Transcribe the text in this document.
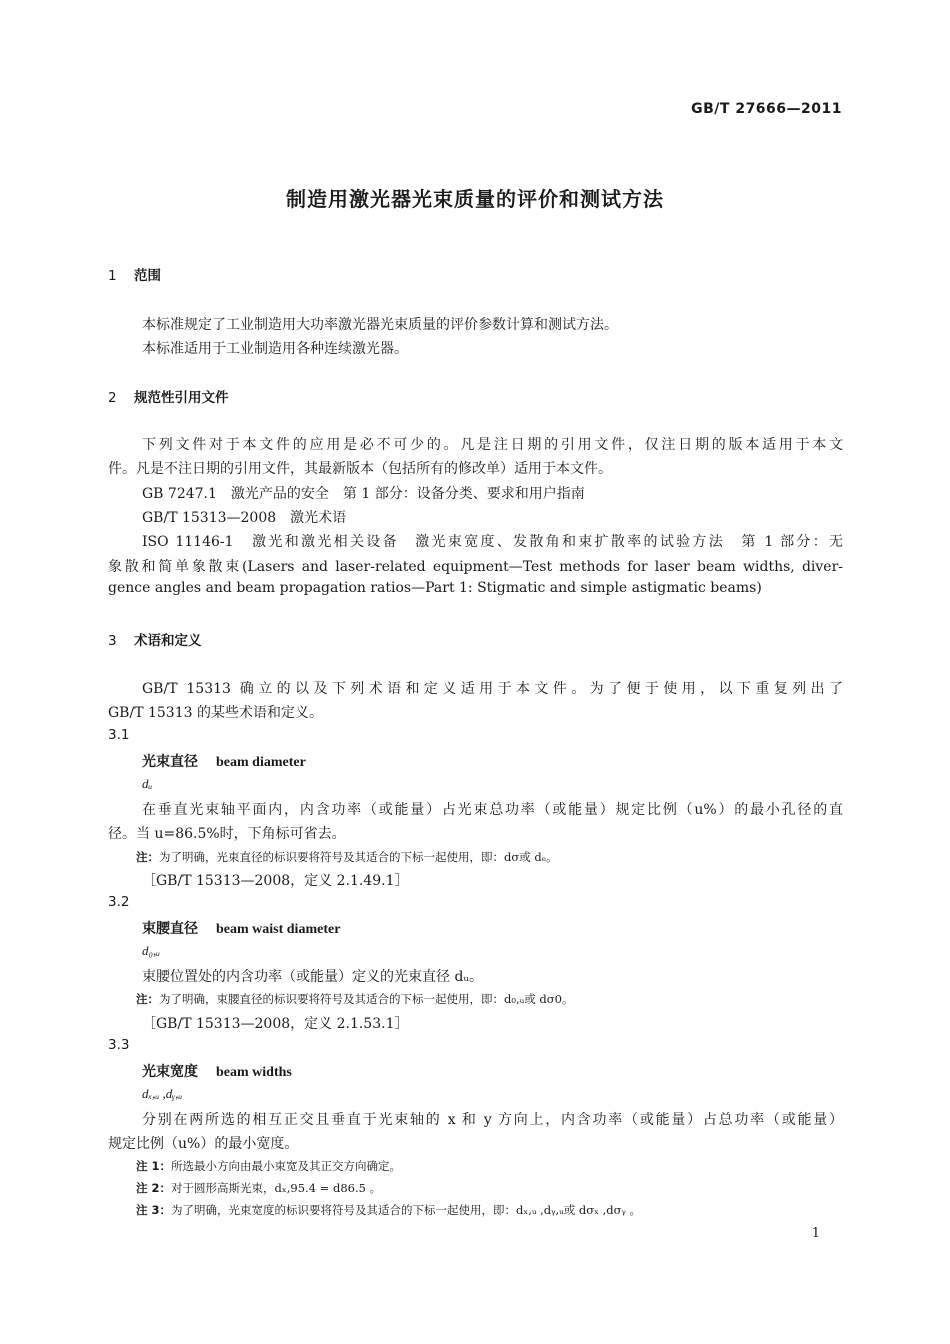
GB/T 27666—2011
制造用激光器光束质量的评价和测试方法
1 范围
本标准规定了工业制造用大功率激光器光束质量的评价参数计算和测试方法。
本标准适用于工业制造用各种连续激光器。
2 规范性引用文件
下列文件对于本文件的应用是必不可少的。凡是注日期的引用文件，仅注日期的版本适用于本文
件。凡是不注日期的引用文件，其最新版本（包括所有的修改单）适用于本文件。
GB 7247.1　激光产品的安全　第 1 部分：设备分类、要求和用户指南
GB/T 15313—2008　激光术语
ISO 11146-1　激光和激光相关设备　激光束宽度、发散角和束扩散率的试验方法　第 1 部分：无
象散和简单象散束(Lasers and laser-related equipment—Test methods for laser beam widths, diver-
gence angles and beam propagation ratios—Part 1: Stigmatic and simple astigmatic beams)
3 术语和定义
GB/T 15313 确立的以及下列术语和定义适用于本文件。为了便于使用，以下重复列出了
GB/T 15313 的某些术语和定义。
3.1
光束直径 beam diameter
dᵤ
在垂直光束轴平面内，内含功率（或能量）占光束总功率（或能量）规定比例（u%）的最小孔径的直
径。当 u=86.5%时，下角标可省去。
注：为了明确，光束直径的标识要将符号及其适合的下标一起使用，即：dσ或 dₑ。
［GB/T 15313—2008，定义 2.1.49.1］
3.2
束腰直径 beam waist diameter
d₀,ᵤ
束腰位置处的内含功率（或能量）定义的光束直径 dᵤ。
注：为了明确，束腰直径的标识要将符号及其适合的下标一起使用，即：d₀,ᵤ或 dσ0。
［GB/T 15313—2008，定义 2.1.53.1］
3.3
光束宽度 beam widths
dₓ,ᵤ ,dᵧ,ᵤ
分别在两所选的相互正交且垂直于光束轴的 x 和 y 方向上，内含功率（或能量）占总功率（或能量）
规定比例（u%）的最小宽度。
注 1：所选最小方向由最小束宽及其正交方向确定。
注 2：对于圆形高斯光束，dₓ,95.4 = d86.5 。
注 3：为了明确，光束宽度的标识要将符号及其适合的下标一起使用，即：dₓ,ᵤ ,dᵧ,ᵤ或 dσₓ ,dσᵧ 。
1
